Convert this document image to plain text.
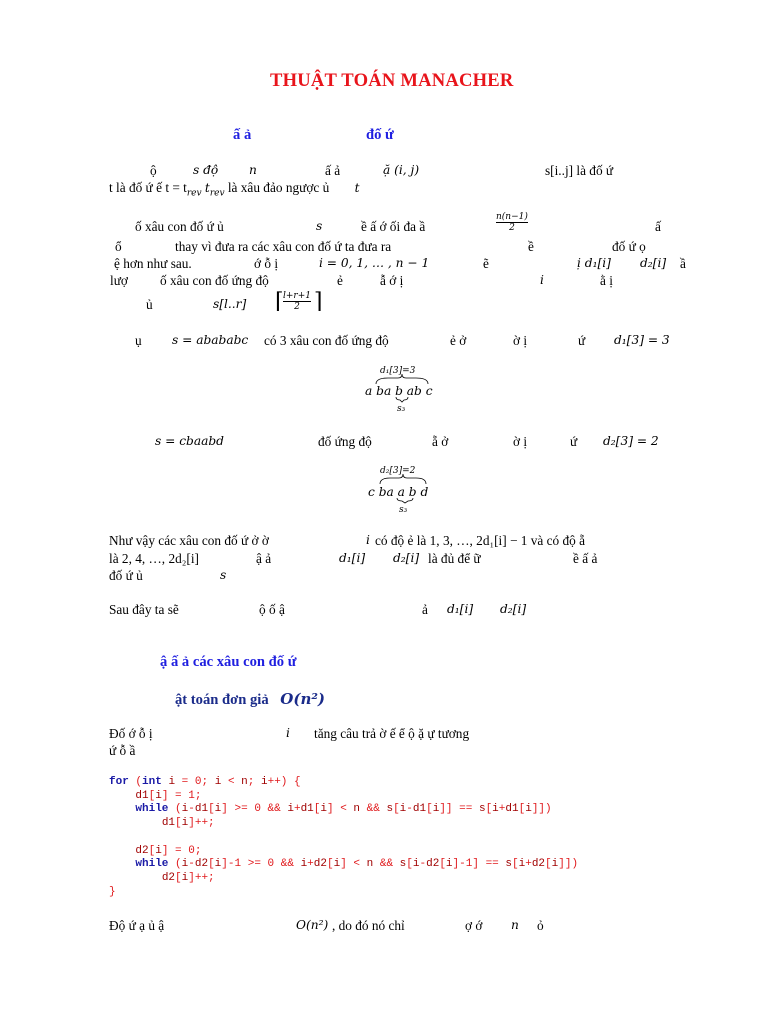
THUẬT TOÁN MANACHER
ấ ả	đố ứ
ộ	s độ	n	ấ ả	ặ (i, j)	s[i..j] là đố ứ
t là đố ứ ế $t = t_{rev}$ $t_{rev}$ là xâu đảo ngược ủ t
ố xâu con đố ứ ủ	s	ề ấ ớ ối đa ầ	$\frac{n(n-1)}{2}$	ấ
ổ	thay vì đưa ra các xâu con đố ứ ta đưa ra	ề	đố ứ ọ
ệ hơn như sau.	ớ ỗ ị	i = 0, 1, … , n − 1	ẽ	ị d₁[i] d₂[i] ầ
lượ ố xâu con đố ứng độ	ẻ	ẫ ớ ị	i	ằ ị
ủ	s[l..r] ⌈ $\frac{l+r+1}{2}$ ⌉
ụ s = abababc có 3 xâu con đố ứng độ	ẻ ở	ờ ị	ứ d₁[3] = 3
d₁[3]=3
a ba b ab c
s₃
s = cbaabd	đố ứng độ	ẵ ở	ờ ị	ứ d₂[3] = 2
d₂[3]=2
c ba a b d
s₃
Như vậy các xâu con đố ứ ở ờ	i có độ ẻ là 1, 3, …, 2d₁[i] − 1 và có độ ẵ
là 2, 4, …, 2d₂[i]	ậ ả	d₁[i] d₂[i] là đủ để ữ	ề ấ ả
đố ứ ủ	s
Sau đây ta sẽ	ộ ố ậ	ả d₁[i] d₂[i]
ậ ấ ả các xâu con đố ứ
ật toán đơn giả O(n²)
Đố ớ ỗ ị	i tăng câu trả ờ ế ể ộ ặ ự tương
ứ ỗ ầ
for (int i = 0; i < n; i++) {
d1[i] = 1;
while (i-d1[i] >= 0 && i+d1[i] < n && s[i-d1[i]] == s[i+d1[i]])
d1[i]++;

d2[i] = 0;
while (i-d2[i]-1 >= 0 && i+d2[i] < n && s[i-d2[i]-1] == s[i+d2[i]])
d2[i]++;
}
Độ ứ ạ ủ ậ	O(n²) , do đó nó chỉ	ợ ớ n ỏ
